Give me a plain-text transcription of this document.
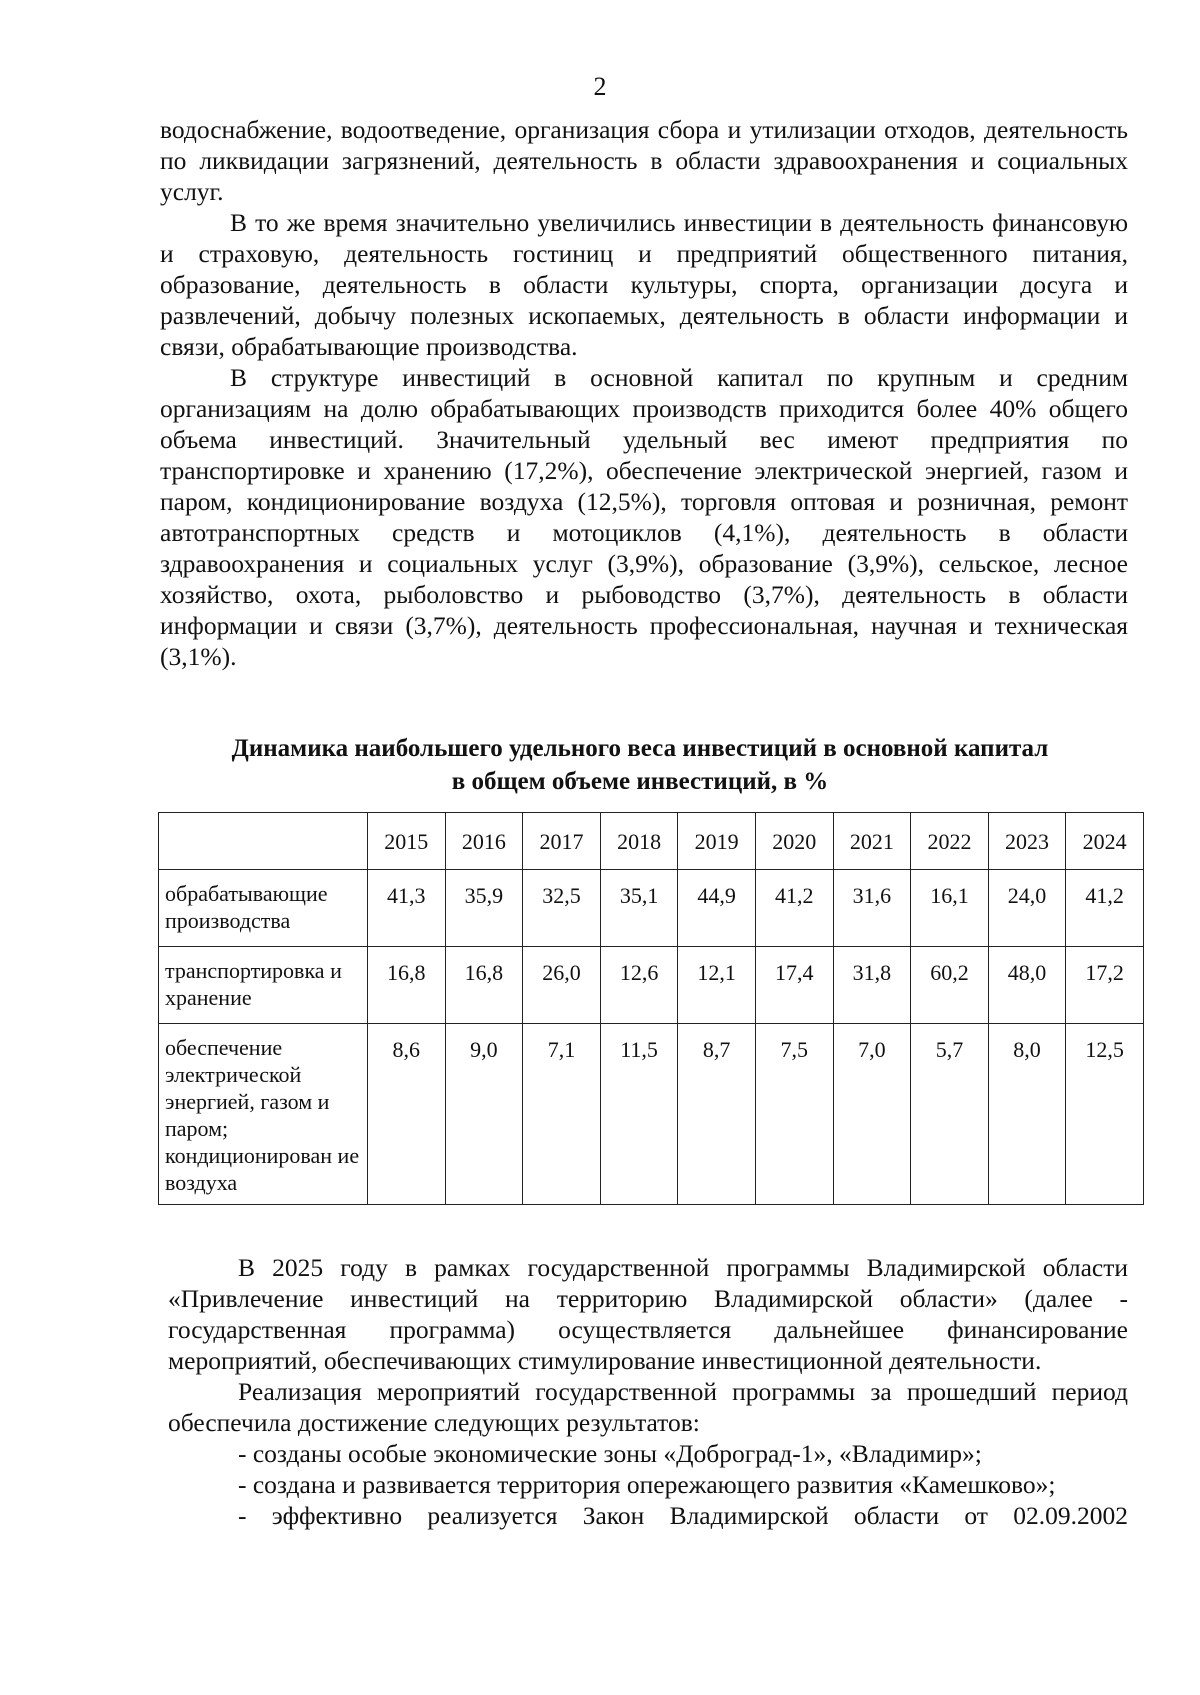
2

водоснабжение, водоотведение, организация сбора и утилизации отходов, деятельность по ликвидации загрязнений, деятельность в области здравоохранения и социальных услуг.

В то же время значительно увеличились инвестиции в деятельность финансовую и страховую, деятельность гостиниц и предприятий общественного питания, образование, деятельность в области культуры, спорта, организации досуга и развлечений, добычу полезных ископаемых, деятельность в области информации и связи, обрабатывающие производства.

В структуре инвестиций в основной капитал по крупным и средним организациям на долю обрабатывающих производств приходится более 40% общего объема инвестиций. Значительный удельный вес имеют предприятия по транспортировке и хранению (17,2%), обеспечение электрической энергией, газом и паром, кондиционирование воздуха (12,5%), торговля оптовая и розничная, ремонт автотранспортных средств и мотоциклов (4,1%), деятельность в области здравоохранения и социальных услуг (3,9%), образование (3,9%), сельское, лесное хозяйство, охота, рыболовство и рыбоводство (3,7%), деятельность в области информации и связи (3,7%), деятельность профессиональная, научная и техническая (3,1%).

Динамика наибольшего удельного веса инвестиций в основной капитал
в общем объеме инвестиций, в %
	2015	2016	2017	2018	2019	2020	2021	2022	2023	2024
обрабатывающие производства	41,3	35,9	32,5	35,1	44,9	41,2	31,6	16,1	24,0	41,2
транспортировка и хранение	16,8	16,8	26,0	12,6	12,1	17,4	31,8	60,2	48,0	17,2
обеспечение электрической энергией, газом и паром; кондиционирован ие воздуха	8,6	9,0	7,1	11,5	8,7	7,5	7,0	5,7	8,0	12,5

В 2025 году в рамках государственной программы Владимирской области «Привлечение инвестиций на территорию Владимирской области» (далее - государственная программа) осуществляется дальнейшее финансирование мероприятий, обеспечивающих стимулирование инвестиционной деятельности.

Реализация мероприятий государственной программы за прошедший период обеспечила достижение следующих результатов:

- созданы особые экономические зоны «Доброград-1», «Владимир»;

- создана и развивается территория опережающего развития «Камешково»;

- эффективно реализуется Закон Владимирской области от 02.09.2002
